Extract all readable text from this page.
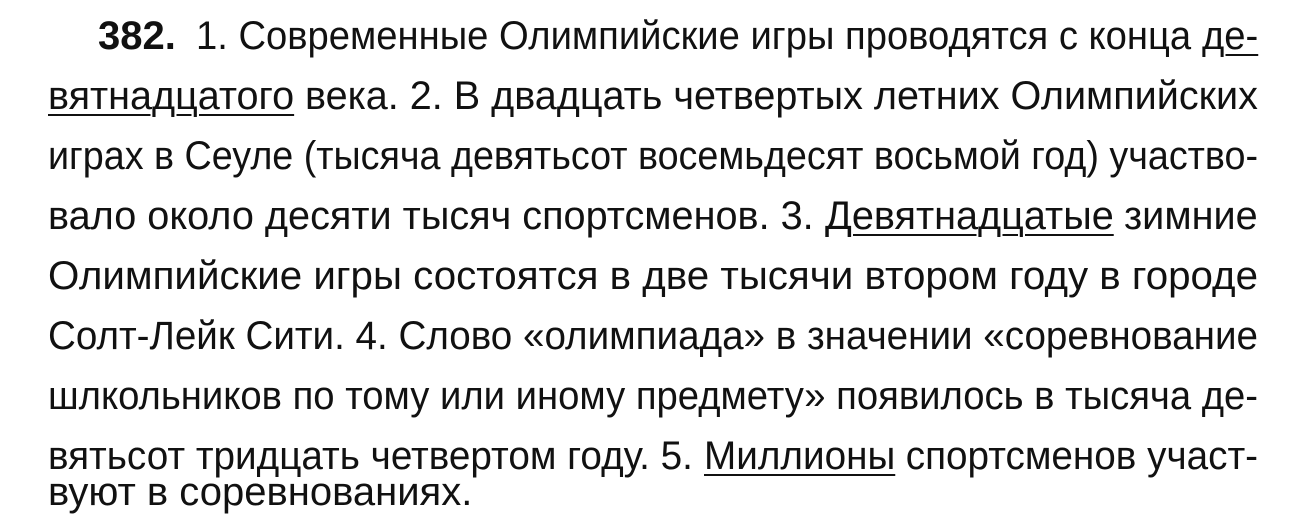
382. 1. Современные Олимпийские игры проводятся с конца де-
вятнадцатого века. 2. В двадцать четвертых летних Олимпийских
играх в Сеуле (тысяча девятьсот восемьдесят восьмой год) участво-
вало около десяти тысяч спортсменов. 3. Девятнадцатые зимние
Олимпийские игры состоятся в две тысячи втором году в городе
Солт-Лейк Сити. 4. Слово «олимпиада» в значении «соревнование
шлкольников по тому или иному предмету» появилось в тысяча де-
вятьсот тридцать четвертом году. 5. Миллионы спортсменов участ-
вуют в соревнованиях.
